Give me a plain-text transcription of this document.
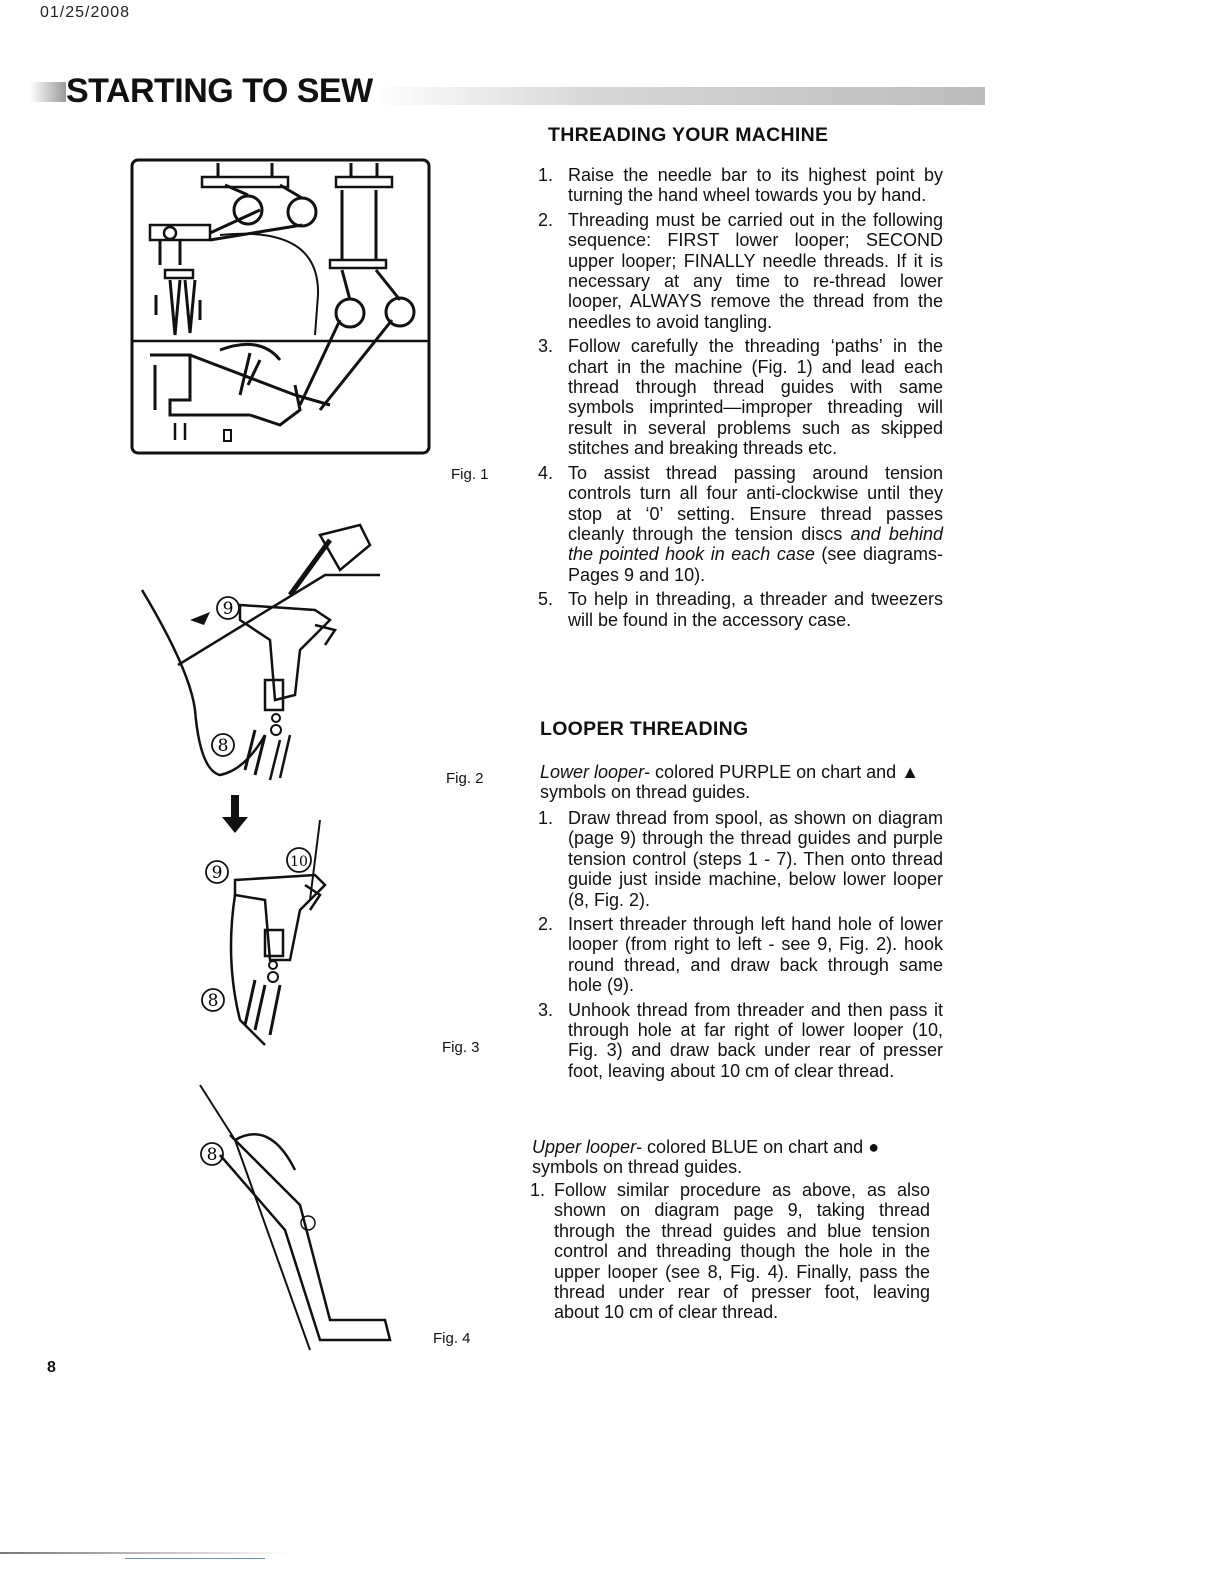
01/25/2008
STARTING TO SEW
Fig. 1
9
8
Fig. 2
9
10
8
Fig. 3
8
Fig. 4
THREADING YOUR MACHINE
1. Raise the needle bar to its highest point by turning the hand wheel towards you by hand.
2. Threading must be carried out in the following sequence: FIRST lower looper; SECOND upper looper; FINALLY needle threads. If it is necessary at any time to re-thread lower looper, ALWAYS remove the thread from the needles to avoid tangling.
3. Follow carefully the threading ‘paths’ in the chart in the machine (Fig. 1) and lead each thread through thread guides with same symbols imprinted—improper threading will result in several problems such as skipped stitches and breaking threads etc.
4. To assist thread passing around tension controls turn all four anti-clockwise until they stop at ‘0’ setting. Ensure thread passes cleanly through the tension discs and behind the pointed hook in each case (see diagrams-Pages 9 and 10).
5. To help in threading, a threader and tweezers will be found in the accessory case.
LOOPER THREADING
Lower looper- colored PURPLE on chart and ▲ symbols on thread guides.
1. Draw thread from spool, as shown on diagram (page 9) through the thread guides and purple tension control (steps 1 - 7). Then onto thread guide just inside machine, below lower looper (8, Fig. 2).
2. Insert threader through left hand hole of lower looper (from right to left - see 9, Fig. 2). hook round thread, and draw back through same hole (9).
3. Unhook thread from threader and then pass it through hole at far right of lower looper (10, Fig. 3) and draw back under rear of presser foot, leaving about 10 cm of clear thread.
Upper looper- colored BLUE on chart and ● symbols on thread guides.
1. Follow similar procedure as above, as also shown on diagram page 9, taking thread through the thread guides and blue tension control and threading though the hole in the upper looper (see 8, Fig. 4). Finally, pass the thread under rear of presser foot, leaving about 10 cm of clear thread.
8
